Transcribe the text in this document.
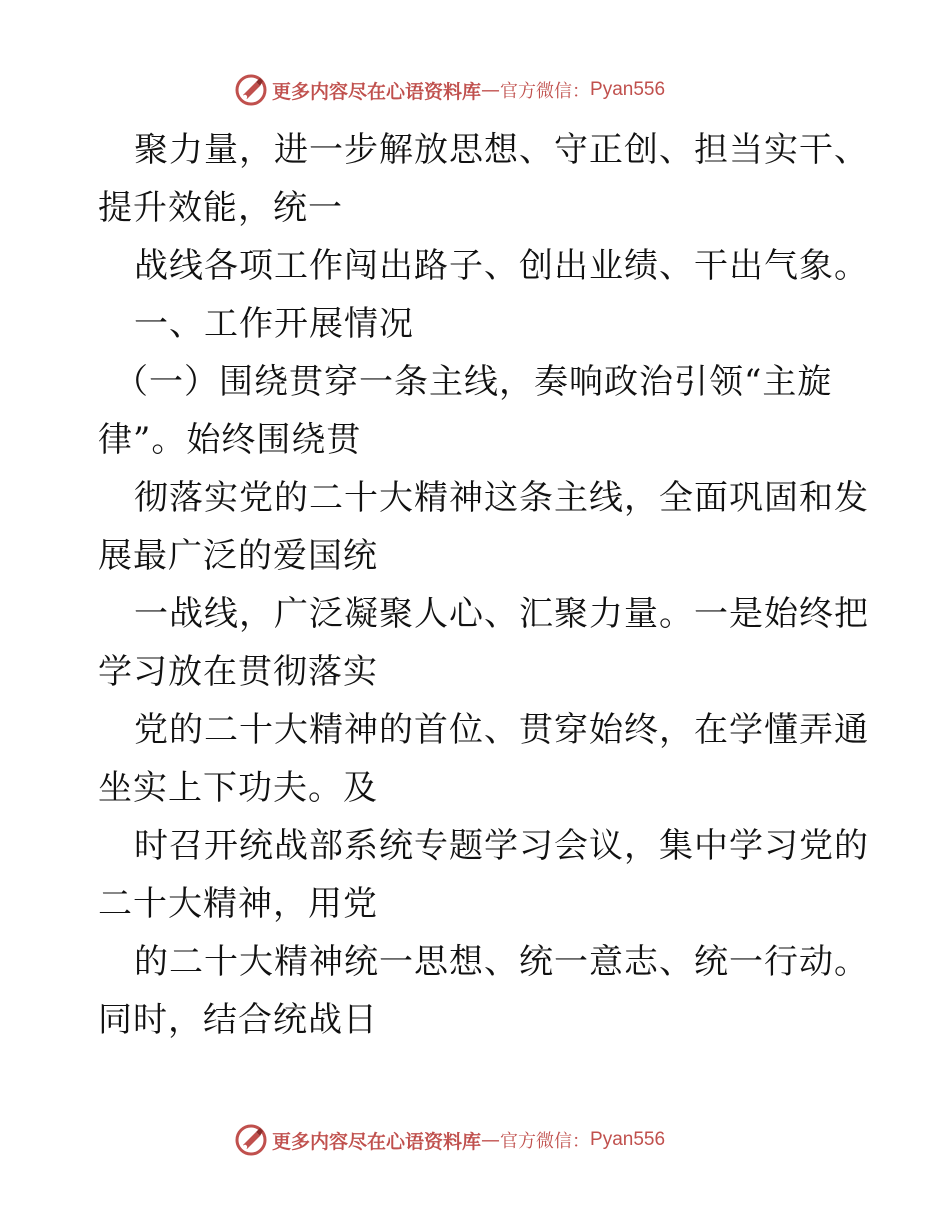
更多内容尽在心语资料库 — 官方微信： Pyan556
聚力量，进一步解放思想、守正创、担当实干、
提升效能，统一
战线各项工作闯出路子、创出业绩、干出气象。
一、工作开展情况
（一）围绕贯穿一条主线，奏响政治引领“主旋
律”。始终围绕贯
彻落实党的二十大精神这条主线，全面巩固和发
展最广泛的爱国统
一战线，广泛凝聚人心、汇聚力量。一是始终把
学习放在贯彻落实
党的二十大精神的首位、贯穿始终，在学懂弄通
坐实上下功夫。及
时召开统战部系统专题学习会议，集中学习党的
二十大精神，用党
的二十大精神统一思想、统一意志、统一行动。
同时，结合统战日
更多内容尽在心语资料库 — 官方微信： Pyan556
